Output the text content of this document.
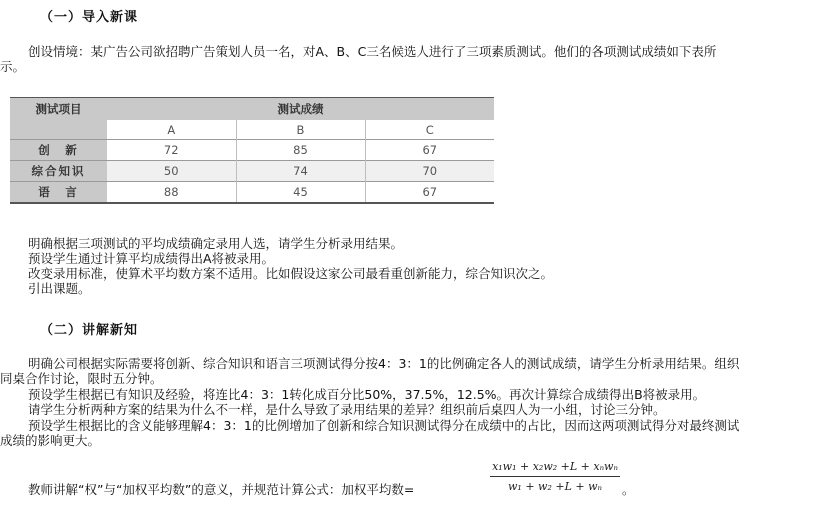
（一）导入新课
创设情境：某广告公司欲招聘广告策划人员一名，对A、B、C三名候选人进行了三项素质测试。他们的各项测试成绩如下表所
示。
测试项目	测试成绩		
	A	B	C
创　新	72	85	67
综合知识	50	74	70
语　言	88	45	67
明确根据三项测试的平均成绩确定录用人选，请学生分析录用结果。
预设学生通过计算平均成绩得出A将被录用。
改变录用标准，使算术平均数方案不适用。比如假设这家公司最看重创新能力，综合知识次之。
引出课题。
（二）讲解新知
明确公司根据实际需要将创新、综合知识和语言三项测试得分按4：3：1的比例确定各人的测试成绩，请学生分析录用结果。组织
同桌合作讨论，限时五分钟。
预设学生根据已有知识及经验，将连比4：3：1转化成百分比50%，37.5%，12.5%。再次计算综合成绩得出B将被录用。
请学生分析两种方案的结果为什么不一样，是什么导致了录用结果的差异？组织前后桌四人为一小组，讨论三分钟。
预设学生根据比的含义能够理解4：3：1的比例增加了创新和综合知识测试得分在成绩中的占比，因而这两项测试得分对最终测试
成绩的影响更大。
教师讲解“权”与“加权平均数”的意义，并规范计算公式：加权平均数=
x₁w₁ + x₂w₂ +L + xₙwₙ
w₁ + w₂ +L + wₙ	。
